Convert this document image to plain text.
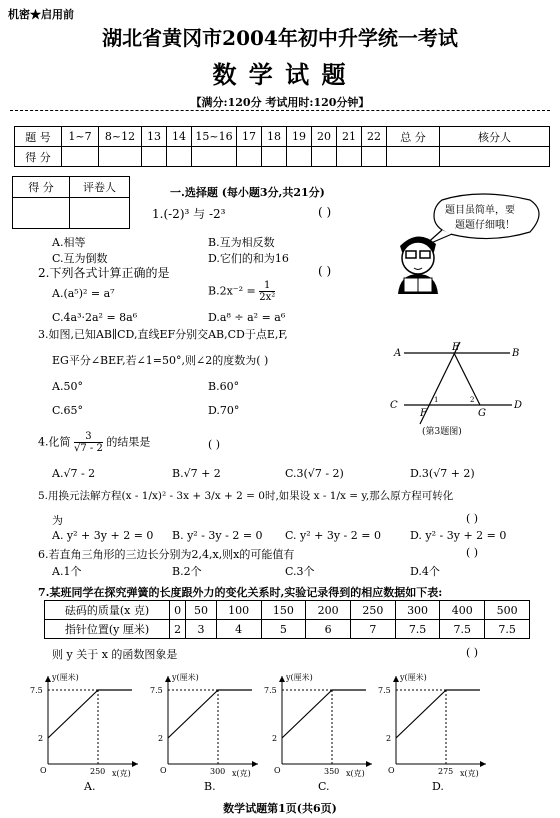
机密★启用前
湖北省黄冈市2004年初中升学统一考试
数 学 试 题
【满分:120分 考试用时:120分钟】
题 号	1~7	8~12	13	14	15~16	17	18	19	20	21	22	总 分	核分人
得 分													
得 分	评卷人
		一.选择题 (每小题3分,共21分)
1.(-2)³ 与 -2³	( )
A.相等	B.互为相反数
C.互为倒数	D.它们的和为16
题目虽简单，要
题题仔细哦！
2.下列各式计算正确的是	( )
A.(a⁵)² = a⁷	$B.2x^{-2} = \frac{1}{\text{2x²}}$
C.4a³·2a² = 8a⁶	D.a⁸ ÷ a² = a⁶
3.如图,已知AB∥CD,直线EF分别交AB,CD于点E,F,
EG平分∠BEF,若∠1=50°,则∠2的度数为( )
A.50°	B.60°
C.65°	D.70°
A	B
E
C	D
F	G
1	2
(第3题图)
4.化简 $\frac{3}{√7 - 2}$ 的结果是	( )
A.√7 - 2	B.√7 + 2	C.3(√7 - 2)	D.3(√7 + 2)
5.用换元法解方程(x - 1/x)² - 3x + 3/x + 2 = 0时,如果设 x - 1/x = y,那么原方程可转化
为	( )
A. y² + 3y + 2 = 0 B. y² - 3y - 2 = 0 C. y² + 3y - 2 = 0	D. y² - 3y + 2 = 0
6.若直角三角形的三边长分别为2,4,x,则x的可能值有	( )
A.1个	B.2个	C.3个	D.4个
7.某班同学在探究弹簧的长度跟外力的变化关系时,实验记录得到的相应数据如下表:
砝码的质量(x 克)	0	50	100	150	200	250	300	400	500
指针位置(y 厘米)	2	3	4	5	6	7	7.5	7.5	7.5
则 y 关于 x 的函数图象是	( )
y(厘米)
x(克)
7.5
2
O	250
A.
y(厘米)
x(克)
7.5
2
O	300
B.
y(厘米)
x(克)
7.5
2
O	350
C.
y(厘米)
x(克)
7.5
2
O	275
D.
数学试题第1页(共6页)
